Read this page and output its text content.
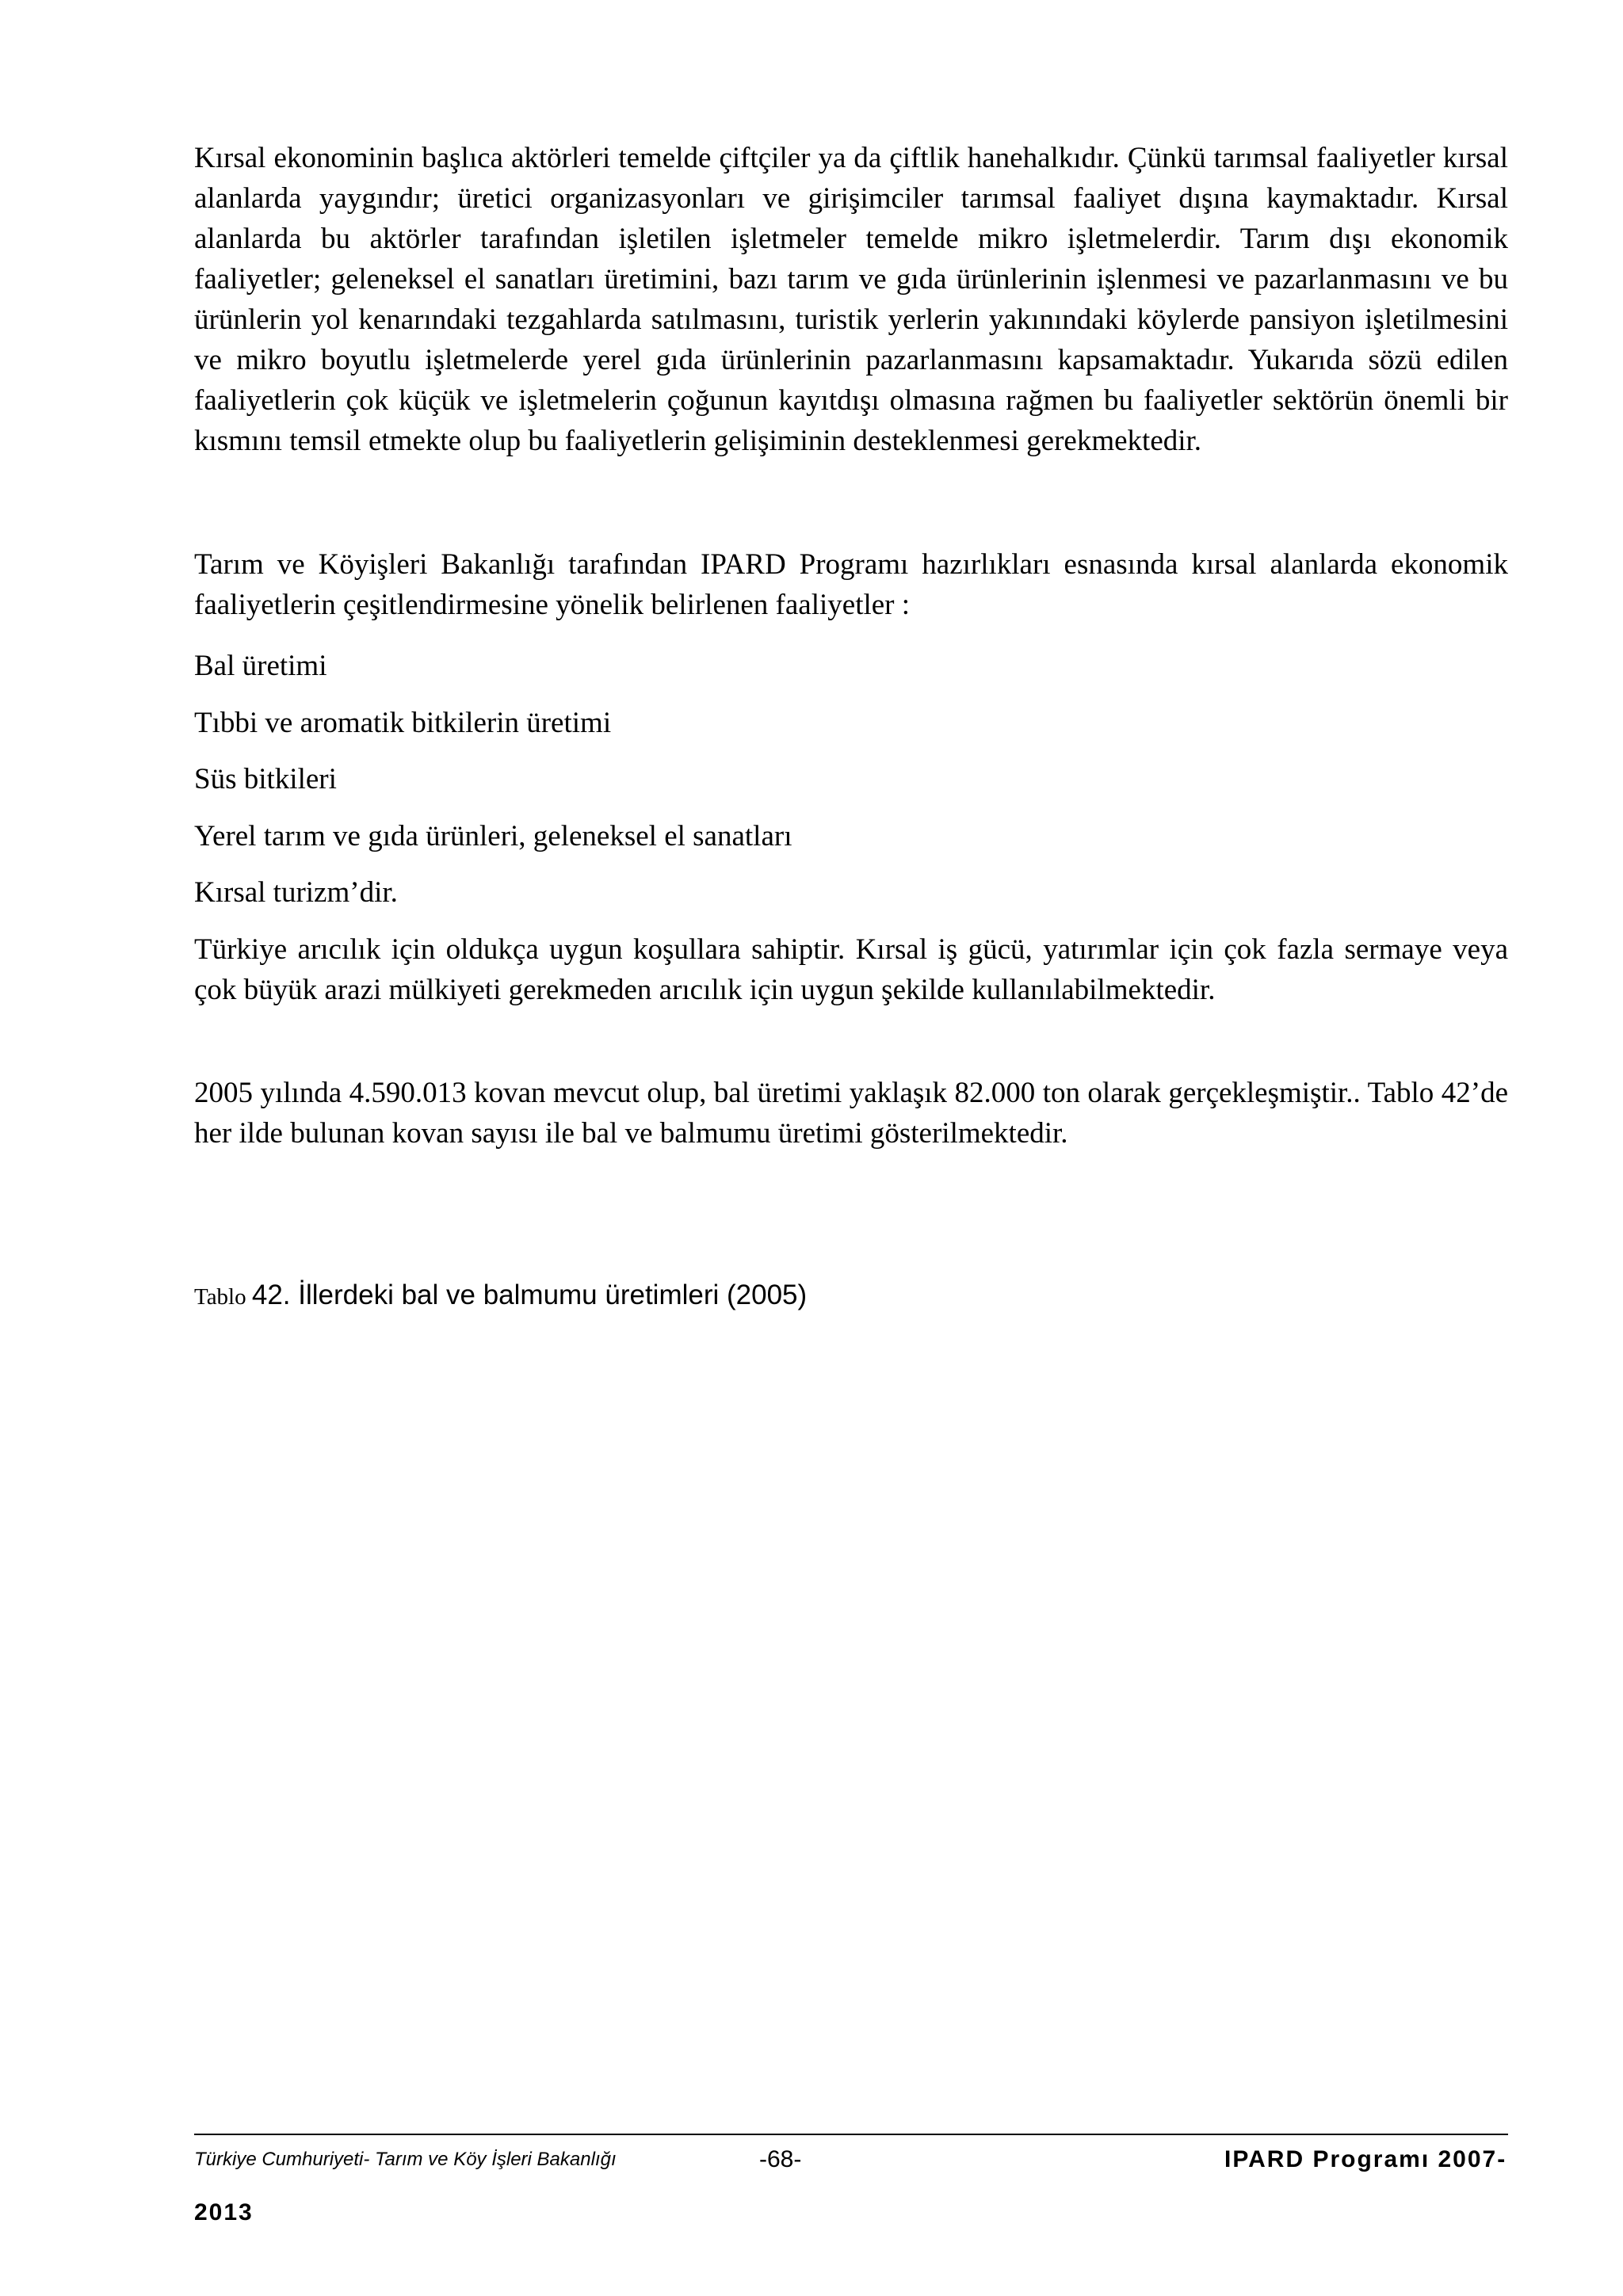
Kırsal ekonominin başlıca aktörleri temelde çiftçiler ya da çiftlik hanehalkıdır. Çünkü tarımsal faaliyetler kırsal alanlarda yaygındır; üretici organizasyonları ve girişimciler tarımsal faaliyet dışına kaymaktadır. Kırsal alanlarda bu aktörler tarafından işletilen işletmeler temelde mikro işletmelerdir. Tarım dışı ekonomik faaliyetler; geleneksel el sanatları üretimini, bazı tarım ve gıda ürünlerinin işlenmesi ve pazarlanmasını ve bu ürünlerin yol kenarındaki tezgahlarda satılmasını, turistik yerlerin yakınındaki köylerde pansiyon işletilmesini ve mikro boyutlu işletmelerde yerel gıda ürünlerinin pazarlanmasını kapsamaktadır. Yukarıda sözü edilen faaliyetlerin çok küçük ve işletmelerin çoğunun kayıtdışı olmasına rağmen bu faaliyetler sektörün önemli bir kısmını temsil etmekte olup bu faaliyetlerin gelişiminin desteklenmesi gerekmektedir.

Tarım ve Köyişleri Bakanlığı tarafından IPARD Programı hazırlıkları esnasında kırsal alanlarda ekonomik faaliyetlerin çeşitlendirmesine yönelik belirlenen faaliyetler :

Bal üretimi

Tıbbi ve aromatik bitkilerin üretimi

Süs bitkileri

Yerel tarım ve gıda ürünleri, geleneksel el sanatları

Kırsal turizm’dir.

Türkiye arıcılık için oldukça uygun koşullara sahiptir. Kırsal iş gücü, yatırımlar için çok fazla sermaye veya çok büyük arazi mülkiyeti gerekmeden arıcılık için uygun şekilde kullanılabilmektedir.

2005 yılında 4.590.013 kovan mevcut olup, bal üretimi yaklaşık 82.000 ton olarak gerçekleşmiştir.. Tablo 42’de her ilde bulunan kovan sayısı ile bal ve balmumu üretimi gösterilmektedir.

Tablo 42. İllerdeki bal ve balmumu üretimleri (2005)

Türkiye Cumhuriyeti- Tarım ve Köy İşleri Bakanlığı	-68-	IPARD Programı 2007-

2013
